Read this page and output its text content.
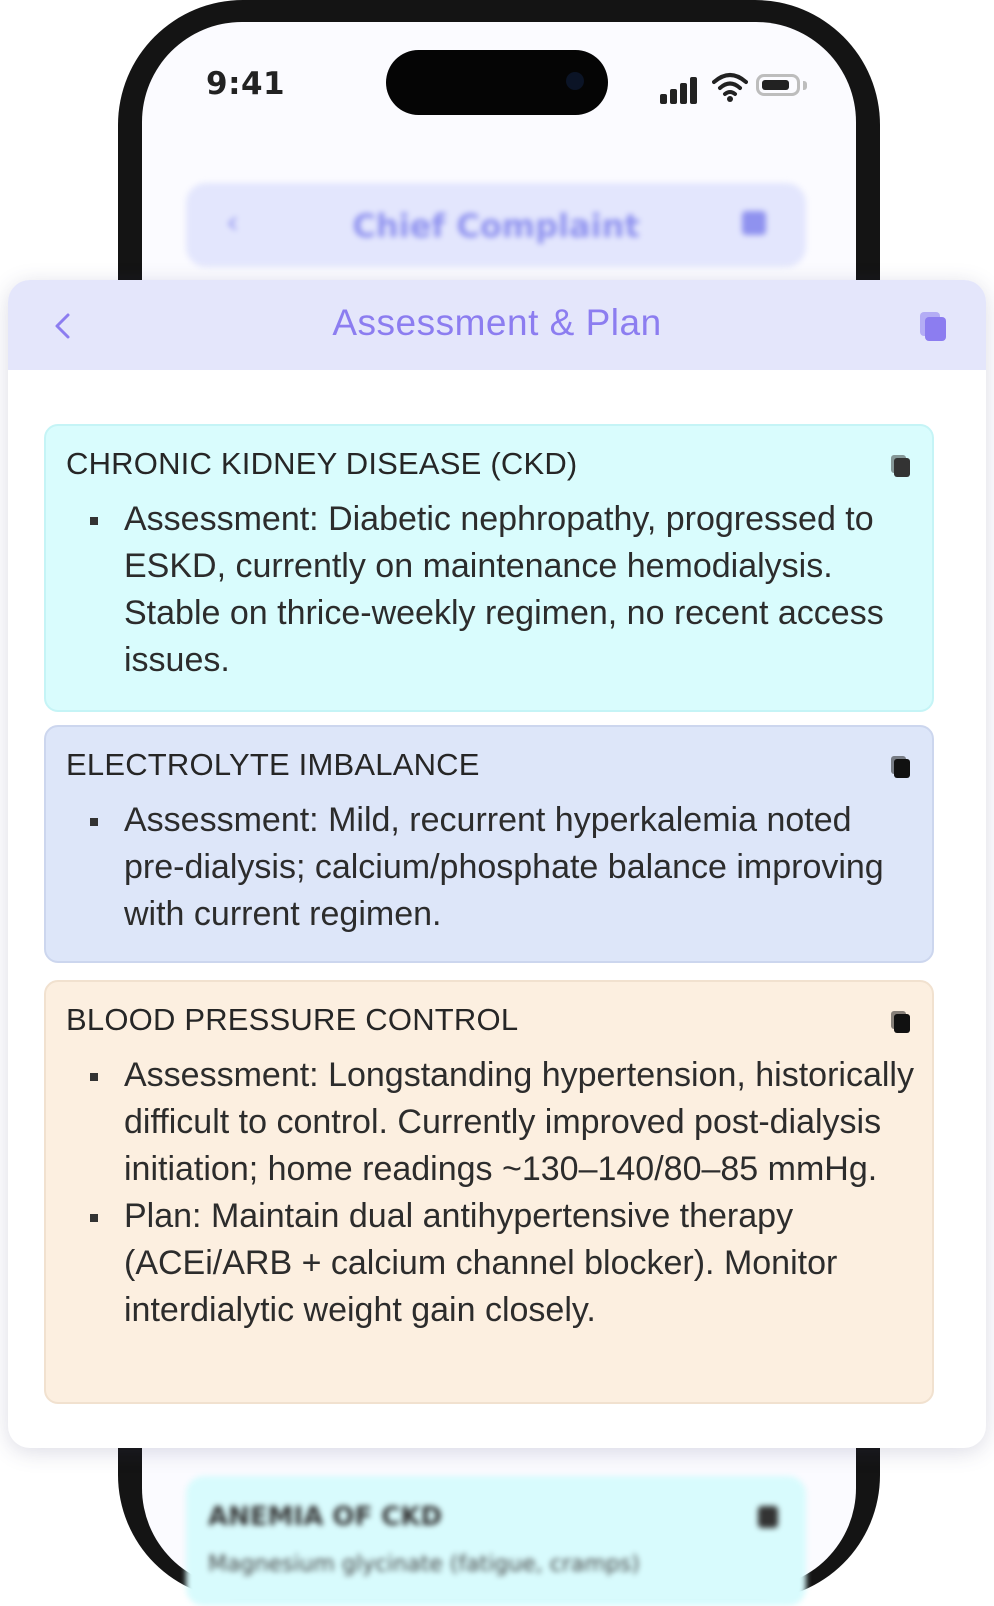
9:41
‹	Chief Complaint
ANEMIA OF CKD
Magnesium glycinate (fatigue, cramps)
Assessment & Plan
CHRONIC KIDNEY DISEASE (CKD)
Assessment: Diabetic nephropathy, progressed to ESKD, currently on maintenance hemodialysis. Stable on thrice-weekly regimen, no recent access issues.
ELECTROLYTE IMBALANCE
Assessment: Mild, recurrent hyperkalemia noted pre-dialysis; calcium/phosphate balance improving with current regimen.
BLOOD PRESSURE CONTROL
Assessment: Longstanding hypertension, historically difficult to control. Currently improved post-dialysis initiation; home readings ~130–140/80–85 mmHg.
Plan: Maintain dual antihypertensive therapy (ACEi/ARB + calcium channel blocker). Monitor interdialytic weight gain closely.
